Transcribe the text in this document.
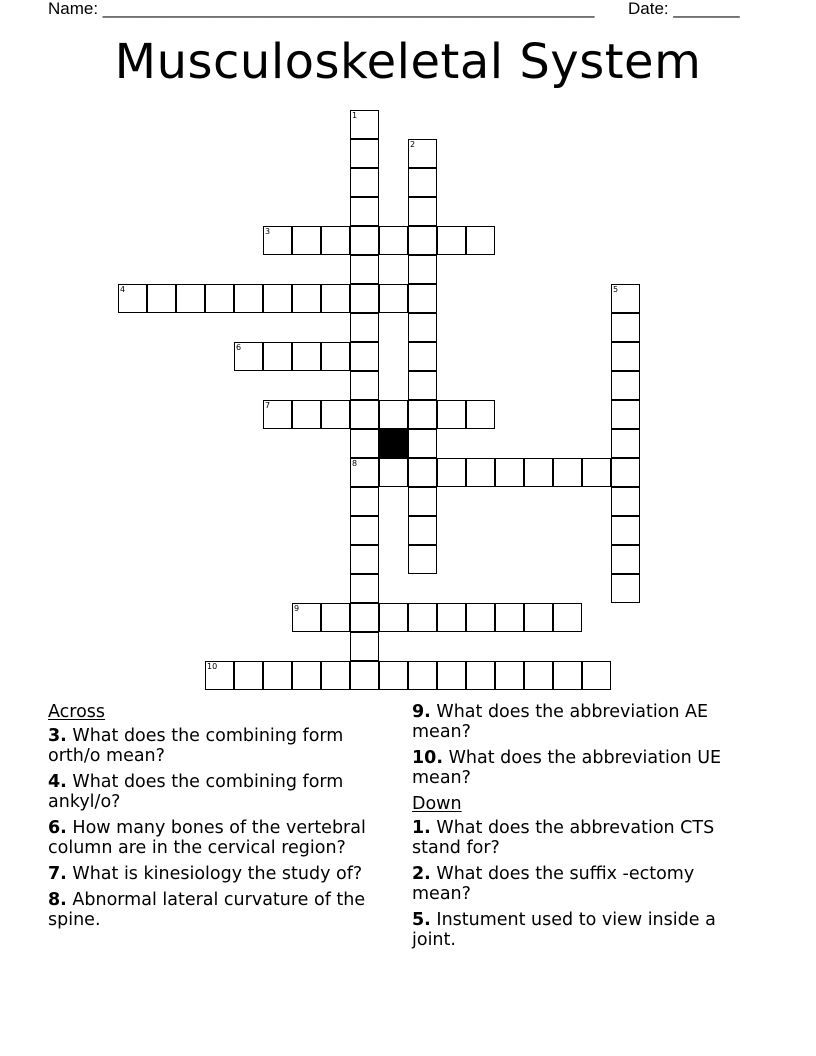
Name: ____________________________________________________ Date: _______
Musculoskeletal System
1
8
2
3
4	5
6
7
9
10
Across
3. What does the combining form orth/o mean?
4. What does the combining form ankyl/o?
6. How many bones of the vertebral column are in the cervical region?
7. What is kinesiology the study of?
8. Abnormal lateral curvature of the spine.
9. What does the abbreviation AE mean?
10. What does the abbreviation UE mean?
Down
1. What does the abbrevation CTS stand for?
2. What does the suffix -ectomy mean?
5. Instument used to view inside a joint.
